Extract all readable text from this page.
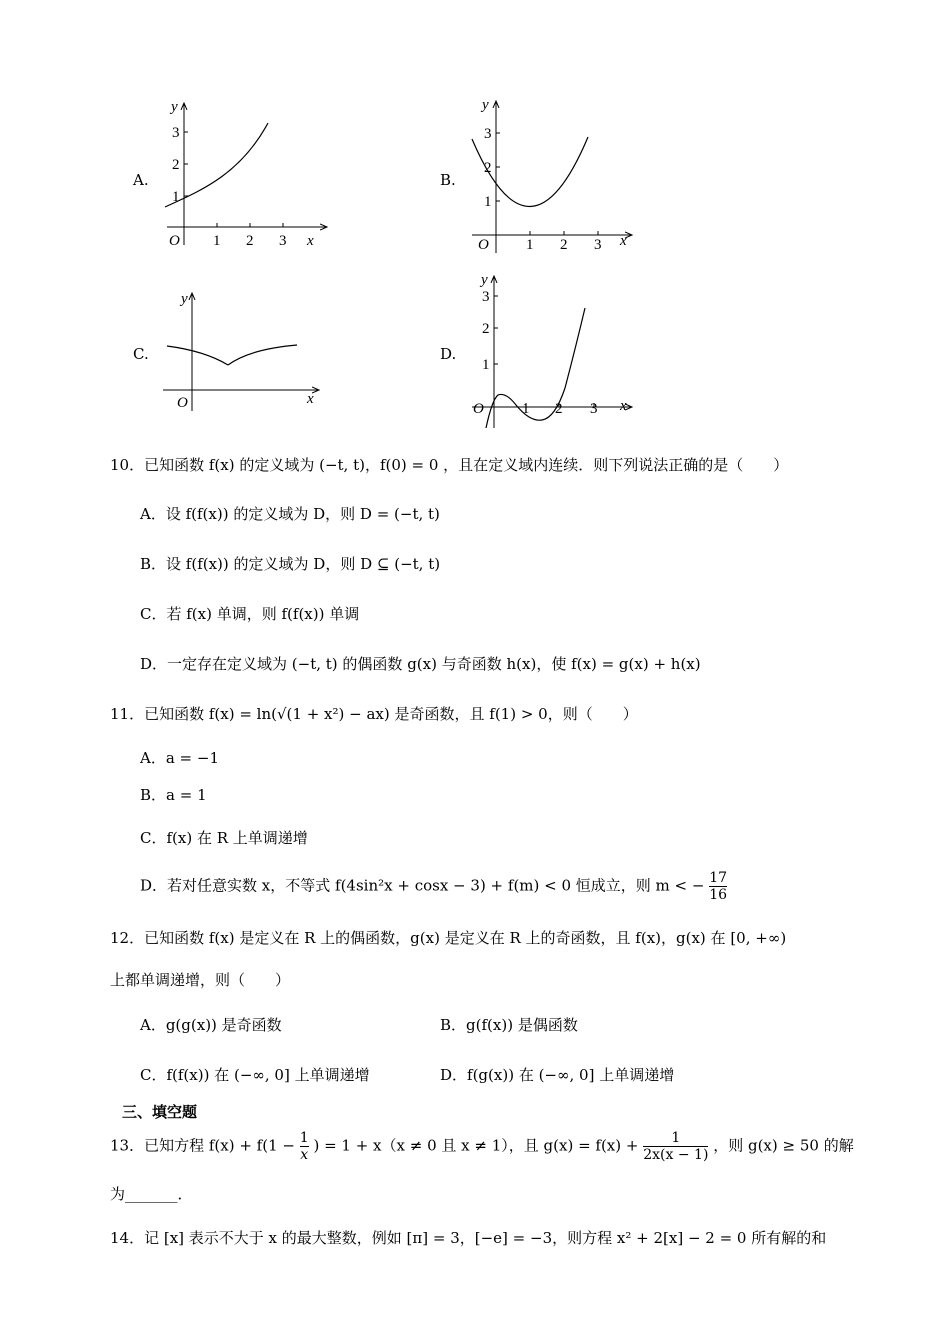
A.
y
x
O
1
2
3
1 2 3
B.
y
x
O
1
2
3
1 2 3
C.
y
x
O
D.
y
x
O
1
2
3
1 2 3
10．已知函数 f(x) 的定义域为 (−t, t)，f(0) = 0 ，且在定义域内连续．则下列说法正确的是（　　）
A．设 f(f(x)) 的定义域为 D，则 D = (−t, t)
B．设 f(f(x)) 的定义域为 D，则 D ⊆ (−t, t)
C．若 f(x) 单调，则 f(f(x)) 单调
D．一定存在定义域为 (−t, t) 的偶函数 g(x) 与奇函数 h(x)，使 f(x) = g(x) + h(x)
11．已知函数 f(x) = ln(√(1 + x²) − ax) 是奇函数，且 f(1) > 0，则（　　）
A．a = −1
B．a = 1
C．f(x) 在 R 上单调递增
D．若对任意实数 x，不等式 f(4sin²x + cosx − 3) + f(m) < 0 恒成立，则 m < − $\frac{17}{16}$
12．已知函数 f(x) 是定义在 R 上的偶函数，g(x) 是定义在 R 上的奇函数，且 f(x)，g(x) 在 [0, +∞)
上都单调递增，则（　　）
A．g(g(x)) 是奇函数	B．g(f(x)) 是偶函数
C．f(f(x)) 在 (−∞, 0] 上单调递增	D．f(g(x)) 在 (−∞, 0] 上单调递增
三、填空题
13．已知方程 $f(x) + f(1 - \frac{1}{x}$ ) = 1 + x（x ≠ 0 且 x ≠ 1），且 $g(x) = f(x) + \frac{1}{2x(x - 1)}$ ，则 g(x) ≥ 50 的解
为_______．
14．记 [x] 表示不大于 x 的最大整数，例如 [π] = 3，[−e] = −3，则方程 x² + 2[x] − 2 = 0 所有解的和
